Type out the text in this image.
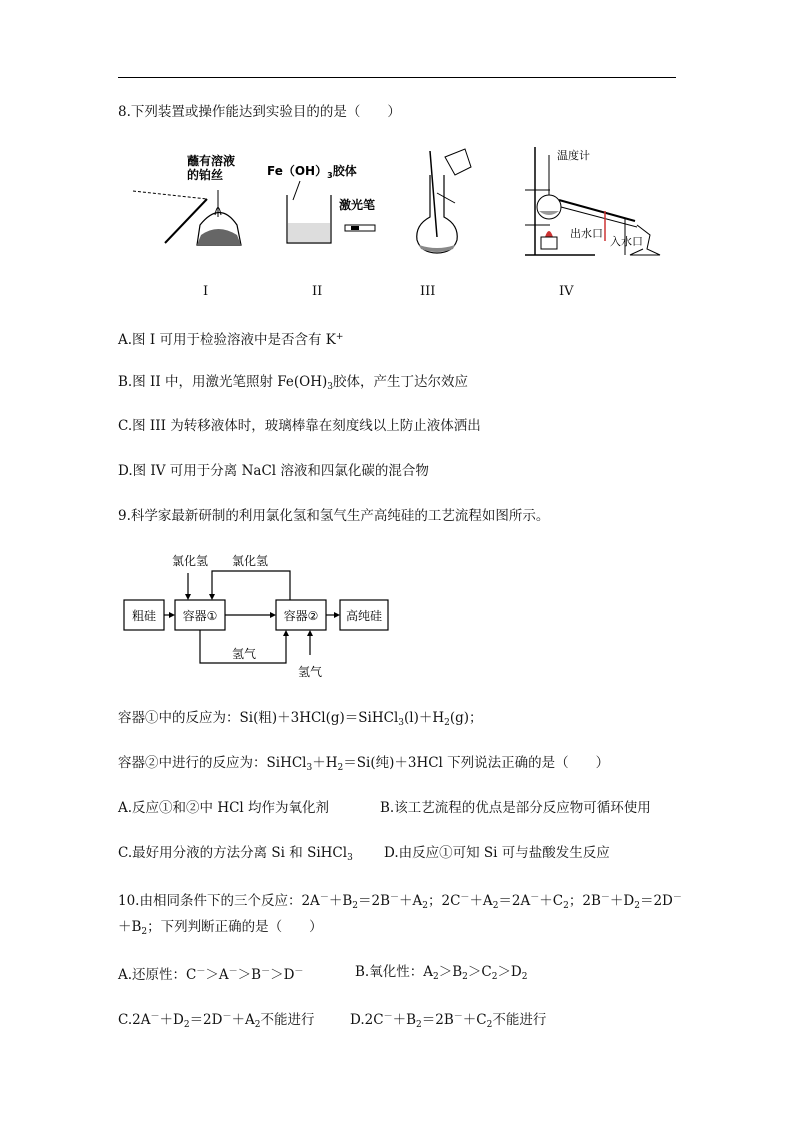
8.下列装置或操作能达到实验目的的是（　　）
蘸有溶液
的铂丝	$Fe(OH)_3$胶体
激光笔
温度计
出水口
入水口
I	II	III	IV
A.图 I 可用于检验溶液中是否含有 K+
B.图 II 中，用激光笔照射 $Fe(OH)_3$胶体，产生丁达尔效应
C.图 III 为转移液体时，玻璃棒靠在刻度线以上防止液体洒出
D.图 IV 可用于分离 NaCl 溶液和四氯化碳的混合物
9.科学家最新研制的利用氯化氢和氢气生产高纯硅的工艺流程如图所示。
粗硅 容器①	容器② 高纯硅
氯化氢 氯化氢
氢气
氢气
容器①中的反应为：Si(粗)$+3HCl(g)=SiHCl_3(l)+H_2(g)$；
容器②中进行的反应为：$SiHCl_3+H_2=Si$(纯)＋3HCl 下列说法正确的是（　　）
A.反应①和②中 HCl 均作为氧化剂	B.该工艺流程的优点是部分反应物可循环使用
C.最好用分液的方法分离 Si 和 SiHCl$_3$ D.由反应①可知 Si 可与盐酸发生反应
10.由相同条件下的三个反应：$2A^-+B_2=2B^-+A_2$；$2C^-+A_2=2A^-+C_2$；$2B^-+D_2=2D^-$
$+B_2$；下列判断正确的是（　　）
A.还原性：C－＞A－＞B－＞D－	B.氧化性：$A_2>B_2>C_2>D_2$
$C.2A^-+D_2=2D^-+A_2$不能进行	$D.2C^-+B_2=2B^-+C_2$不能进行
